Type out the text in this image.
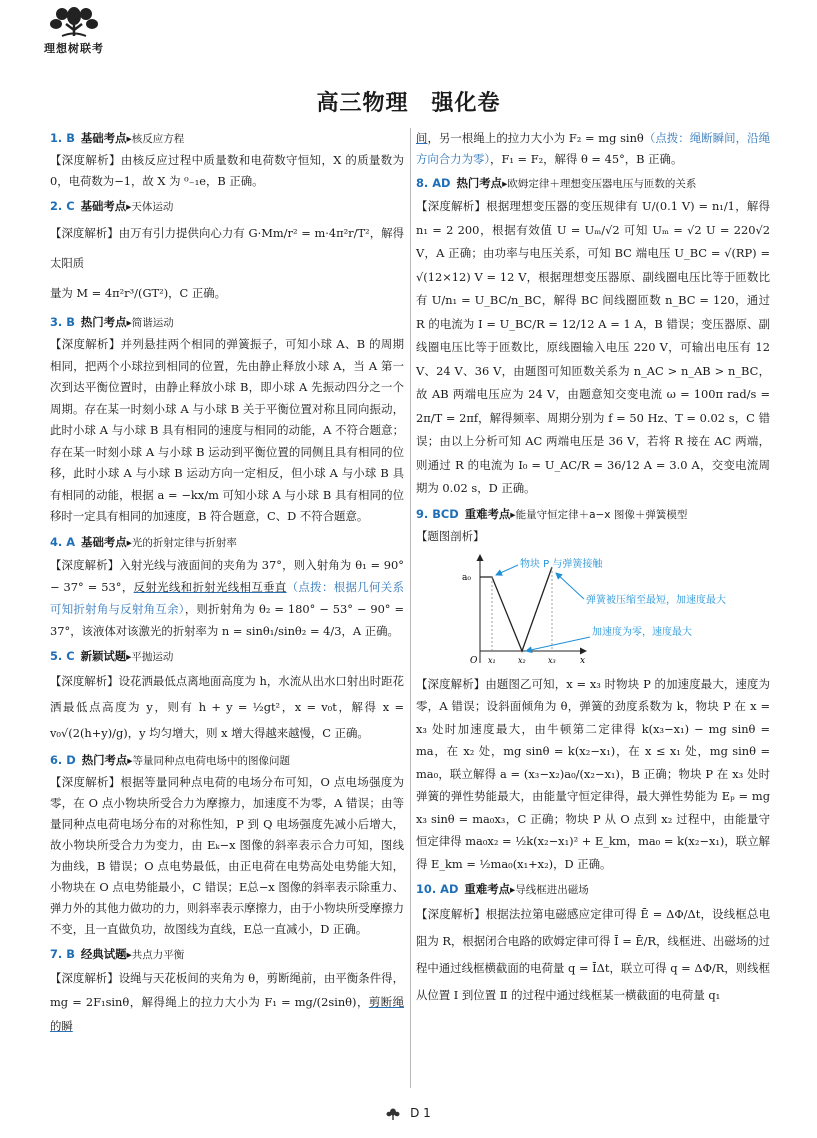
理想树联考
高三物理　强化卷
1. B 基础考点▸核反应方程

【深度解析】由核反应过程中质量数和电荷数守恒知，X 的质量数为 0，电荷数为−1，故 X 为 ⁰₋₁e，B 正确。

2. C 基础考点▸天体运动

【深度解析】由万有引力提供向心力有 G·Mm/r² = m·4π²r/T²，解得太阳质

量为 M = 4π²r³/(GT²)，C 正确。

3. B 热门考点▸简谐运动

【深度解析】并列悬挂两个相同的弹簧振子，可知小球 A、B 的周期相同，把两个小球拉到相同的位置，先由静止释放小球 A，当 A 第一次到达平衡位置时，由静止释放小球 B，即小球 A 先振动四分之一个周期。存在某一时刻小球 A 与小球 B 关于平衡位置对称且同向振动，此时小球 A 与小球 B 具有相同的速度与相同的动能，A 不符合题意；存在某一时刻小球 A 与小球 B 运动到平衡位置的同侧且具有相同的位移，此时小球 A 与小球 B 运动方向一定相反，但小球 A 与小球 B 具有相同的动能，根据 a = −kx/m 可知小球 A 与小球 B 具有相同的位移时一定具有相同的加速度，B 符合题意，C、D 不符合题意。

4. A 基础考点▸光的折射定律与折射率

【深度解析】入射光线与液面间的夹角为 37°，则入射角为 θ₁ = 90° − 37° = 53°，反射光线和折射光线相互垂直（点拨：根据几何关系可知折射角与反射角互余），则折射角为 θ₂ = 180° − 53° − 90° = 37°，该液体对该激光的折射率为 n = sinθ₁/sinθ₂ = 4/3，A 正确。

5. C 新颖试题▸平抛运动

【深度解析】设花洒最低点离地面高度为 h，水流从出水口射出时距花洒最低点高度为 y，则有 h + y = ½gt²，x = v₀t，解得 x = v₀√(2(h+y)/g)，y 均匀增大，则 x 增大得越来越慢，C 正确。

6. D 热门考点▸等量同种点电荷电场中的图像问题

【深度解析】根据等量同种点电荷的电场分布可知，O 点电场强度为零，在 O 点小物块所受合力为摩擦力，加速度不为零，A 错误；由等量同种点电荷电场分布的对称性知，P 到 Q 电场强度先减小后增大，故小物块所受合力为变力，由 Eₖ−x 图像的斜率表示合力可知，图线为曲线，B 错误；O 点电势最低，由正电荷在电势高处电势能大知，小物块在 O 点电势能最小，C 错误；E总−x 图像的斜率表示除重力、弹力外的其他力做功的力，则斜率表示摩擦力，由于小物块所受摩擦力不变，且一直做负功，故图线为直线，E总一直减小，D 正确。

7. B 经典试题▸共点力平衡

【深度解析】设绳与天花板间的夹角为 θ，剪断绳前，由平衡条件得，mg = 2F₁sinθ，解得绳上的拉力大小为 F₁ = mg/(2sinθ)，剪断绳的瞬

间，另一根绳上的拉力大小为 F₂ = mg sinθ（点拨：绳断瞬间，沿绳方向合力为零），F₁ = F₂，解得 θ = 45°，B 正确。

8. AD 热门考点▸欧姆定律＋理想变压器电压与匝数的关系

【深度解析】根据理想变压器的变压规律有 U/(0.1 V) = n₁/1，解得 n₁ = 2 200，根据有效值 U = Uₘ/√2 可知 Uₘ = √2 U = 220√2 V，A 正确；由功率与电压关系，可知 BC 端电压 U_BC = √(RP) = √(12×12) V = 12 V，根据理想变压器原、副线圈电压比等于匝数比有 U/n₁ = U_BC/n_BC，解得 BC 间线圈匝数 n_BC = 120，通过 R 的电流为 I = U_BC/R = 12/12 A = 1 A，B 错误；变压器原、副线圈电压比等于匝数比，原线圈输入电压 220 V，可输出电压有 12 V、24 V、36 V，由题图可知匝数关系为 n_AC > n_AB > n_BC，故 AB 两端电压应为 24 V，由题意知交变电流 ω = 100π rad/s = 2π/T = 2πf，解得频率、周期分别为 f = 50 Hz、T = 0.02 s，C 错误；由以上分析可知 AC 两端电压是 36 V，若将 R 接在 AC 两端，则通过 R 的电流为 I₀ = U_AC/R = 36/12 A = 3.0 A，交变电流周期为 0.02 s，D 正确。

9. BCD 重难考点▸能量守恒定律＋a−x 图像＋弹簧模型

【题图剖析】

a₀
O x₁	x₂	x₃	x
物块 P 与弹簧接触
弹簧被压缩至最短，加速度最大
加速度为零，速度最大

【深度解析】由题图乙可知，x = x₃ 时物块 P 的加速度最大，速度为零，A 错误；设斜面倾角为 θ，弹簧的劲度系数为 k，物块 P 在 x = x₃ 处时加速度最大，由牛顿第二定律得 k(x₃−x₁) − mg sinθ = ma，在 x₂ 处，mg sinθ = k(x₂−x₁)，在 x ≤ x₁ 处，mg sinθ = ma₀，联立解得 a = (x₃−x₂)a₀/(x₂−x₁)，B 正确；物块 P 在 x₃ 处时弹簧的弹性势能最大，由能量守恒定律得，最大弹性势能为 Eₚ = mg x₃ sinθ = ma₀x₃，C 正确；物块 P 从 O 点到 x₂ 过程中，由能量守恒定律得 ma₀x₂ = ½k(x₂−x₁)² + E_km，ma₀ = k(x₂−x₁)，联立解得 E_km = ½ma₀(x₁+x₂)，D 正确。

10. AD 重难考点▸导线框进出磁场

【深度解析】根据法拉第电磁感应定律可得 Ē = ΔΦ/Δt，设线框总电阻为 R，根据闭合电路的欧姆定律可得 Ī = Ē/R，线框进、出磁场的过程中通过线框横截面的电荷量 q = ĪΔt，联立可得 q = ΔΦ/R，则线框从位置 Ⅰ 到位置 Ⅱ 的过程中通过线框某一横截面的电荷量 q₁

D 1
